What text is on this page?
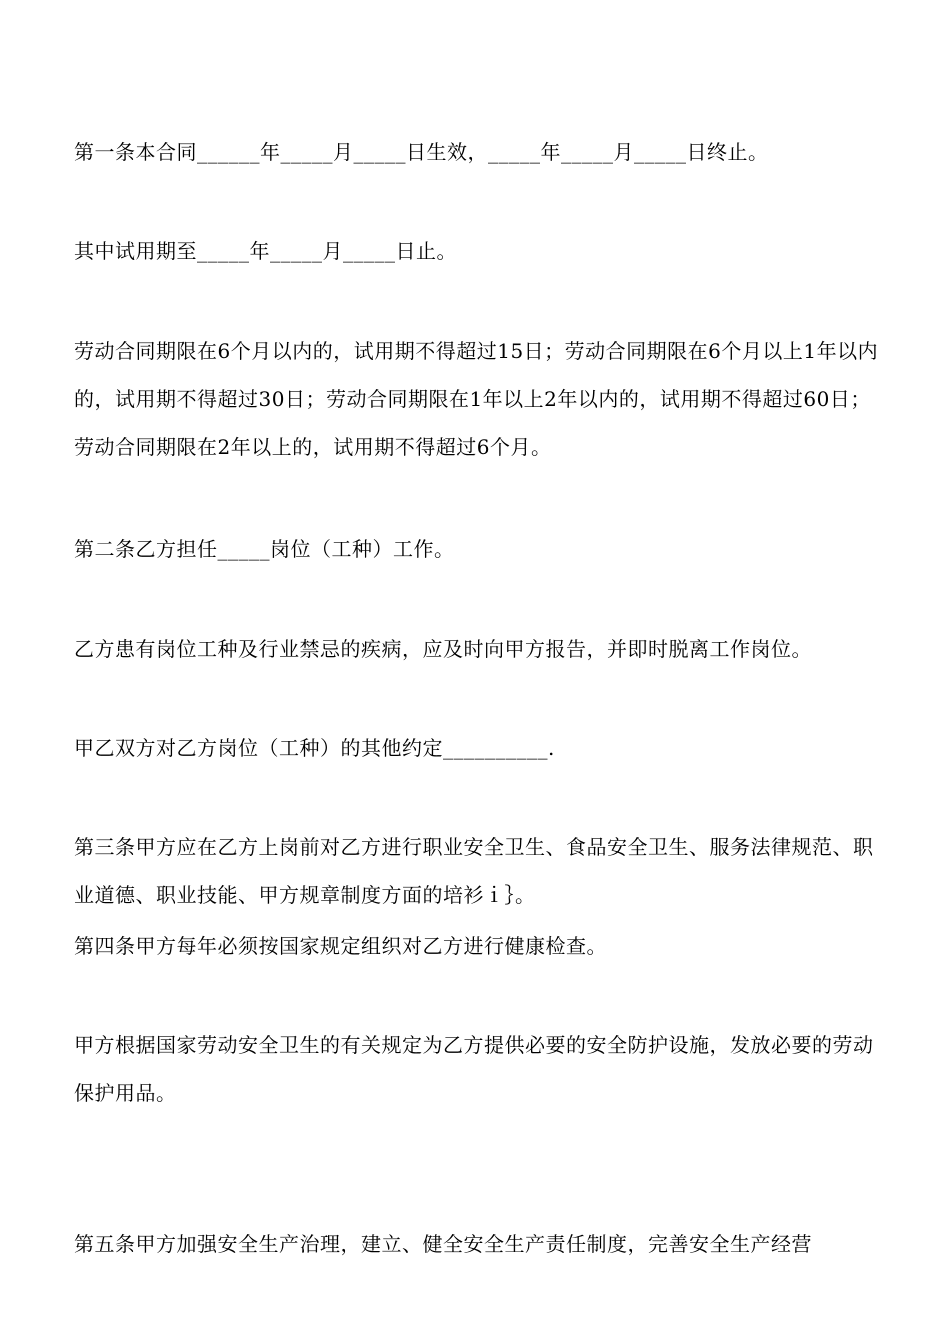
第一条本合同______年_____月_____日生效，_____年_____月_____日终止。

其中试用期至_____年_____月_____日止。

劳动合同期限在6个月以内的，试用期不得超过15日；劳动合同期限在6个月以上1年以内的，试用期不得超过30日；劳动合同期限在1年以上2年以内的，试用期不得超过60日；劳动合同期限在2年以上的，试用期不得超过6个月。

第二条乙方担任_____岗位（工种）工作。

乙方患有岗位工种及行业禁忌的疾病，应及时向甲方报告，并即时脱离工作岗位。

甲乙双方对乙方岗位（工种）的其他约定__________.

第三条甲方应在乙方上岗前对乙方进行职业安全卫生、食品安全卫生、服务法律规范、职业道德、职业技能、甲方规章制度方面的培衫ｉ｝。

第四条甲方每年必须按国家规定组织对乙方进行健康检查。

甲方根据国家劳动安全卫生的有关规定为乙方提供必要的安全防护设施，发放必要的劳动保护用品。

第五条甲方加强安全生产治理，建立、健全安全生产责任制度，完善安全生产经营
